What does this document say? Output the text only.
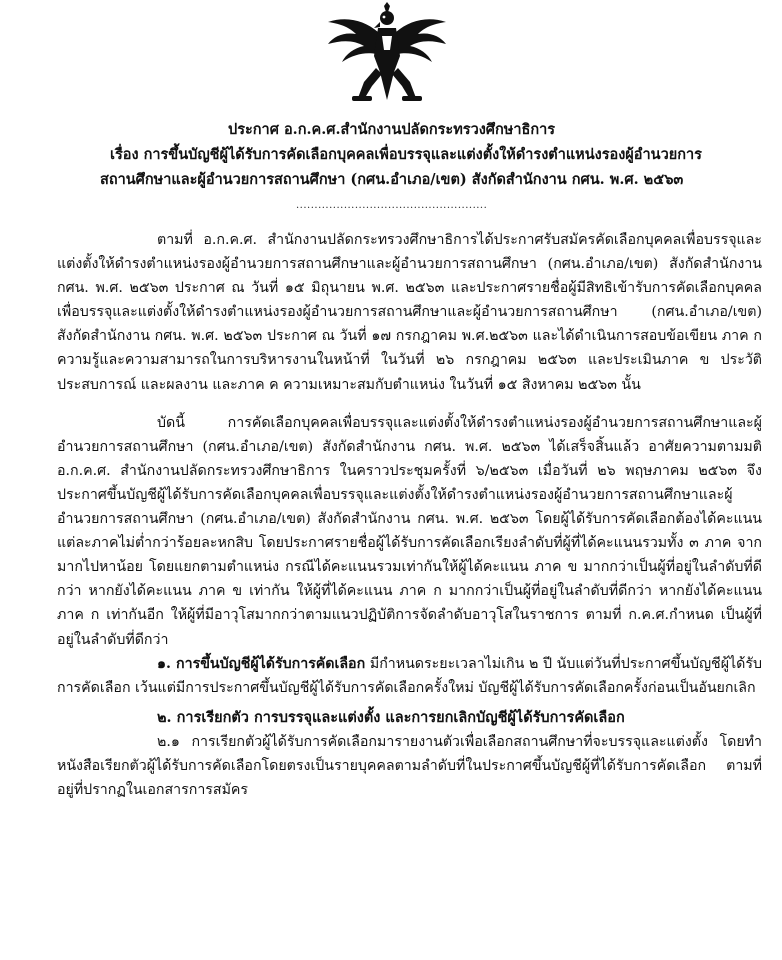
ประกาศ อ.ก.ค.ศ.สำนักงานปลัดกระทรวงศึกษาธิการ
เรื่อง การขึ้นบัญชีผู้ได้รับการคัดเลือกบุคคลเพื่อบรรจุและแต่งตั้งให้ดำรงตำแหน่งรองผู้อำนวยการ
สถานศึกษาและผู้อำนวยการสถานศึกษา (กศน.อำเภอ/เขต) สังกัดสำนักงาน กศน. พ.ศ. ๒๕๖๓
....................................................

ตามที่ อ.ก.ค.ศ. สำนักงานปลัดกระทรวงศึกษาธิการได้ประกาศรับสมัครคัดเลือกบุคคลเพื่อบรรจุและแต่งตั้งให้ดำรงตำแหน่งรองผู้อำนวยการสถานศึกษาและผู้อำนวยการสถานศึกษา (กศน.อำเภอ/เขต) สังกัดสำนักงาน กศน. พ.ศ. ๒๕๖๓ ประกาศ ณ วันที่ ๑๕ มิถุนายน พ.ศ. ๒๕๖๓ และประกาศรายชื่อผู้มีสิทธิเข้ารับการคัดเลือกบุคคลเพื่อบรรจุและแต่งตั้งให้ดำรงตำแหน่งรองผู้อำนวยการสถานศึกษาและผู้อำนวยการสถานศึกษา (กศน.อำเภอ/เขต) สังกัดสำนักงาน กศน. พ.ศ. ๒๕๖๓ ประกาศ ณ วันที่ ๑๗ กรกฎาคม พ.ศ.๒๕๖๓ และได้ดำเนินการสอบข้อเขียน ภาค ก ความรู้และความสามารถในการบริหารงานในหน้าที่ ในวันที่ ๒๖ กรกฎาคม ๒๕๖๓ และประเมินภาค ข ประวัติ ประสบการณ์ และผลงาน และภาค ค ความเหมาะสมกับตำแหน่ง ในวันที่ ๑๕ สิงหาคม ๒๕๖๓ นั้น

บัดนี้ การคัดเลือกบุคคลเพื่อบรรจุและแต่งตั้งให้ดำรงตำแหน่งรองผู้อำนวยการสถานศึกษาและผู้อำนวยการสถานศึกษา (กศน.อำเภอ/เขต) สังกัดสำนักงาน กศน. พ.ศ. ๒๕๖๓ ได้เสร็จสิ้นแล้ว อาศัยความตามมติ อ.ก.ค.ศ. สำนักงานปลัดกระทรวงศึกษาธิการ ในคราวประชุมครั้งที่ ๖/๒๕๖๓ เมื่อวันที่ ๒๖ พฤษภาคม ๒๕๖๓ จึงประกาศขึ้นบัญชีผู้ได้รับการคัดเลือกบุคคลเพื่อบรรจุและแต่งตั้งให้ดำรงตำแหน่งรองผู้อำนวยการสถานศึกษาและผู้อำนวยการสถานศึกษา (กศน.อำเภอ/เขต) สังกัดสำนักงาน กศน. พ.ศ. ๒๕๖๓ โดยผู้ได้รับการคัดเลือกต้องได้คะแนนแต่ละภาคไม่ต่ำกว่าร้อยละหกสิบ โดยประกาศรายชื่อผู้ได้รับการคัดเลือกเรียงลำดับที่ผู้ที่ได้คะแนนรวมทั้ง ๓ ภาค จากมากไปหาน้อย โดยแยกตามตำแหน่ง กรณีได้คะแนนรวมเท่ากันให้ผู้ได้คะแนน ภาค ข มากกว่าเป็นผู้ที่อยู่ในลำดับที่ดีกว่า หากยังได้คะแนน ภาค ข เท่ากัน ให้ผู้ที่ได้คะแนน ภาค ก มากกว่าเป็นผู้ที่อยู่ในลำดับที่ดีกว่า หากยังได้คะแนน ภาค ก เท่ากันอีก ให้ผู้ที่มีอาวุโสมากกว่าตามแนวปฏิบัติการจัดลำดับอาวุโสในราชการ ตามที่ ก.ค.ศ.กำหนด เป็นผู้ที่อยู่ในลำดับที่ดีกว่า

๑. การขึ้นบัญชีผู้ได้รับการคัดเลือก มีกำหนดระยะเวลาไม่เกิน ๒ ปี นับแต่วันที่ประกาศขึ้นบัญชีผู้ได้รับการคัดเลือก เว้นแต่มีการประกาศขึ้นบัญชีผู้ได้รับการคัดเลือกครั้งใหม่ บัญชีผู้ได้รับการคัดเลือกครั้งก่อนเป็นอันยกเลิก

๒. การเรียกตัว การบรรจุและแต่งตั้ง และการยกเลิกบัญชีผู้ได้รับการคัดเลือก

๒.๑ การเรียกตัวผู้ได้รับการคัดเลือกมารายงานตัวเพื่อเลือกสถานศึกษาที่จะบรรจุและแต่งตั้ง โดยทำหนังสือเรียกตัวผู้ได้รับการคัดเลือกโดยตรงเป็นรายบุคคลตามลำดับที่ในประกาศขึ้นบัญชีผู้ที่ได้รับการคัดเลือก ตามที่อยู่ที่ปรากฏในเอกสารการสมัคร
